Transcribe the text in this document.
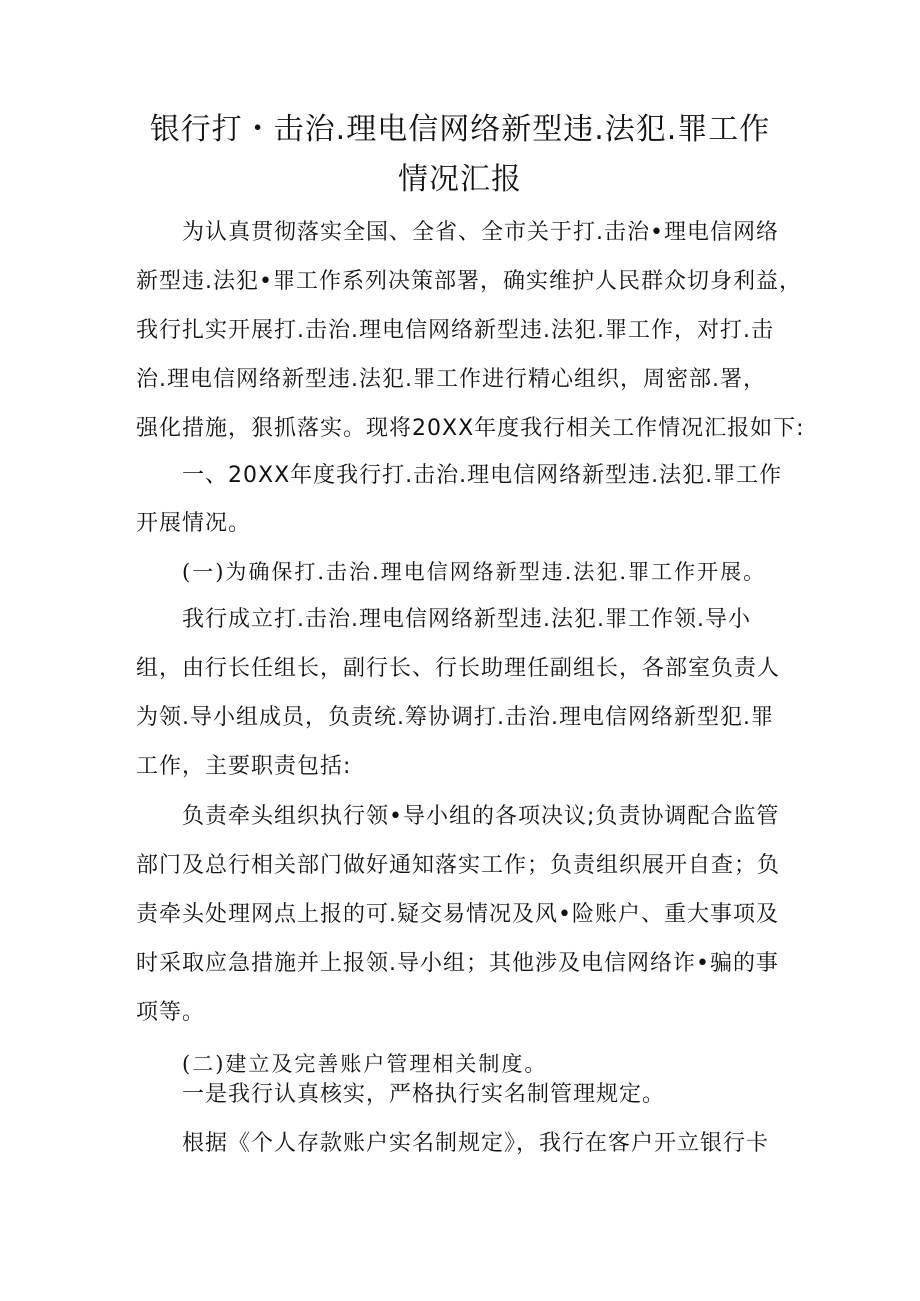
银行打・击治.理电信网络新型违.法犯.罪工作
情况汇报
为认真贯彻落实全国、全省、全市关于打.击治•理电信网络
新型违.法犯•罪工作系列决策部署，确实维护人民群众切身利益，
我行扎实开展打.击治.理电信网络新型违.法犯.罪工作，对打.击
治.理电信网络新型违.法犯.罪工作进行精心组织，周密部.署，
强化措施，狠抓落实。现将20XX年度我行相关工作情况汇报如下:
一、20XX年度我行打.击治.理电信网络新型违.法犯.罪工作
开展情况。
(一)为确保打.击治.理电信网络新型违.法犯.罪工作开展。
我行成立打.击治.理电信网络新型违.法犯.罪工作领.导小
组，由行长任组长，副行长、行长助理任副组长，各部室负责人
为领.导小组成员，负责统.筹协调打.击治.理电信网络新型犯.罪
工作，主要职责包括:
负责牵头组织执行领•导小组的各项决议;负责协调配合监管
部门及总行相关部门做好通知落实工作；负责组织展开自查；负
责牵头处理网点上报的可.疑交易情况及风•险账户、重大事项及
时采取应急措施并上报领.导小组；其他涉及电信网络诈•骗的事
项等。
(二)建立及完善账户管理相关制度。
一是我行认真核实，严格执行实名制管理规定。
根据《个人存款账户实名制规定》，我行在客户开立银行卡
